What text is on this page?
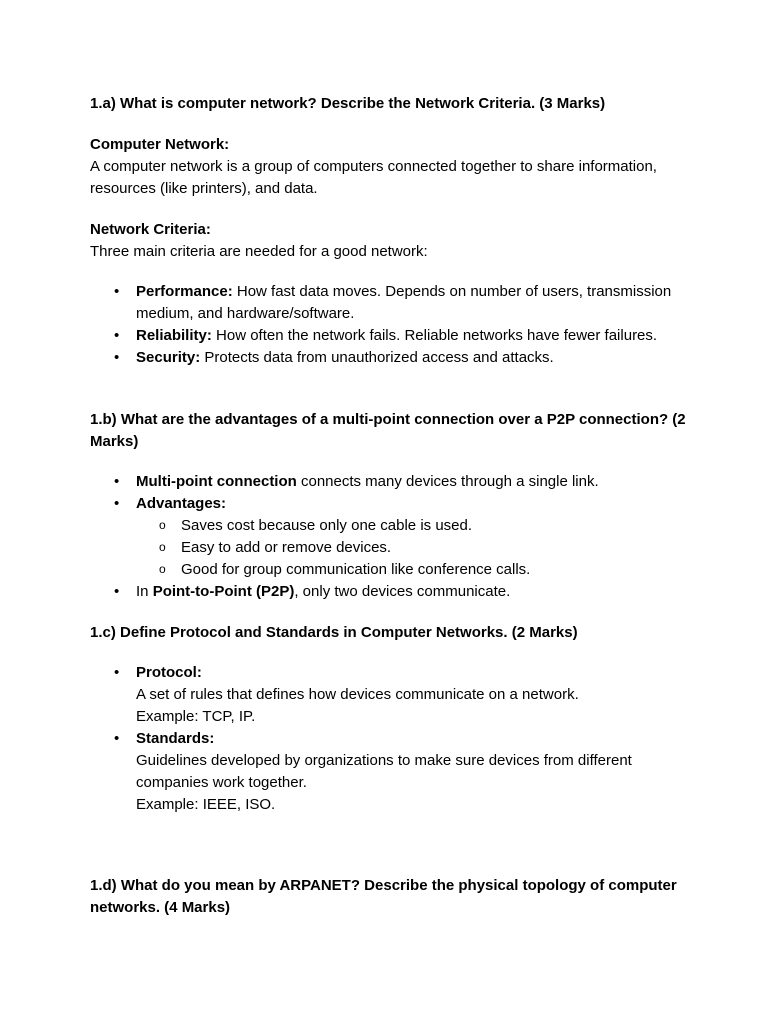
1.a) What is computer network? Describe the Network Criteria. (3 Marks)

Computer Network:

A computer network is a group of computers connected together to share information, resources (like printers), and data.

Network Criteria:

Three main criteria are needed for a good network:

• Performance: How fast data moves. Depends on number of users, transmission medium, and hardware/software.
• Reliability: How often the network fails. Reliable networks have fewer failures.
• Security: Protects data from unauthorized access and attacks.

1.b) What are the advantages of a multi-point connection over a P2P connection? (2 Marks)

• Multi-point connection connects many devices through a single link.
• Advantages:
o Saves cost because only one cable is used.
o Easy to add or remove devices.
o Good for group communication like conference calls.
• In Point-to-Point (P2P), only two devices communicate.

1.c) Define Protocol and Standards in Computer Networks. (2 Marks)

• Protocol:
A set of rules that defines how devices communicate on a network.
Example: TCP, IP.
• Standards:
Guidelines developed by organizations to make sure devices from different companies work together.
Example: IEEE, ISO.

1.d) What do you mean by ARPANET? Describe the physical topology of computer networks. (4 Marks)
